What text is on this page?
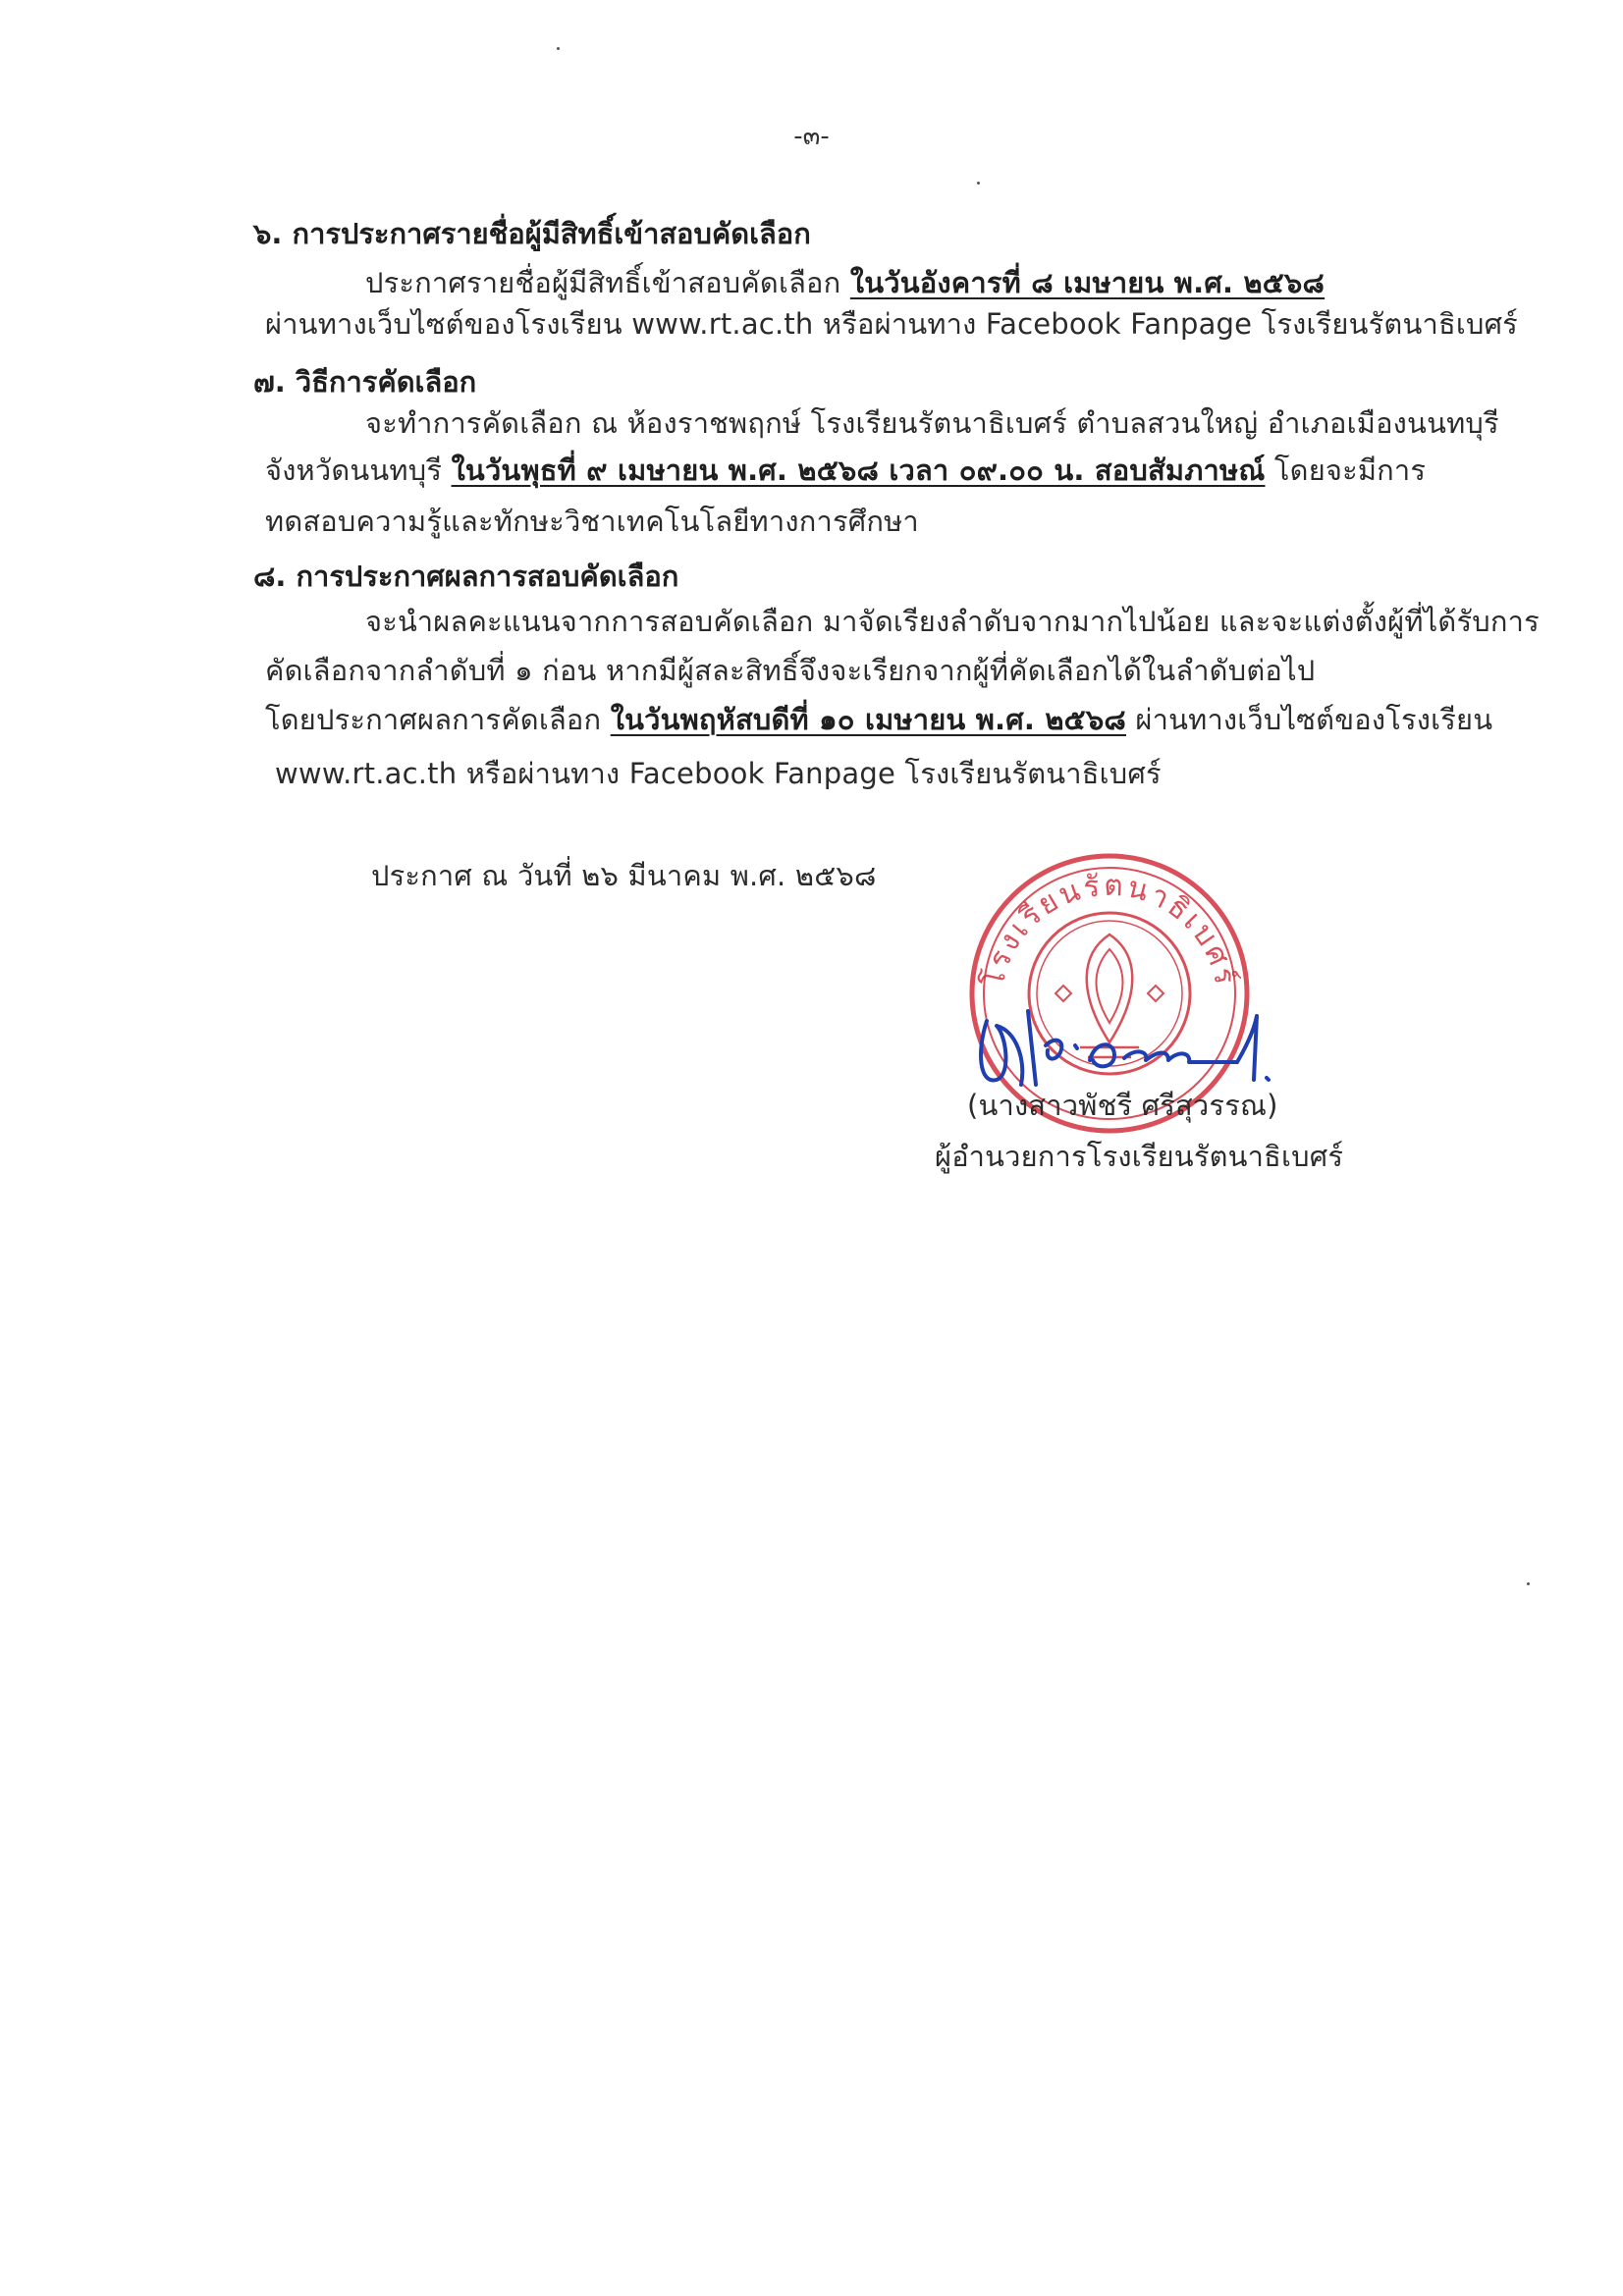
-๓-
๖. การประกาศรายชื่อผู้มีสิทธิ์เข้าสอบคัดเลือก
ประกาศรายชื่อผู้มีสิทธิ์เข้าสอบคัดเลือก ในวันอังคารที่ ๘ เมษายน พ.ศ. ๒๕๖๘
ผ่านทางเว็บไซต์ของโรงเรียน www.rt.ac.th หรือผ่านทาง Facebook Fanpage โรงเรียนรัตนาธิเบศร์
๗. วิธีการคัดเลือก
จะทำการคัดเลือก ณ ห้องราชพฤกษ์ โรงเรียนรัตนาธิเบศร์ ตำบลสวนใหญ่ อำเภอเมืองนนทบุรี
จังหวัดนนทบุรี ในวันพุธที่ ๙ เมษายน พ.ศ. ๒๕๖๘ เวลา ๐๙.๐๐ น. สอบสัมภาษณ์ โดยจะมีการ
ทดสอบความรู้และทักษะวิชาเทคโนโลยีทางการศึกษา
๘. การประกาศผลการสอบคัดเลือก
จะนำผลคะแนนจากการสอบคัดเลือก มาจัดเรียงลำดับจากมากไปน้อย และจะแต่งตั้งผู้ที่ได้รับการ
คัดเลือกจากลำดับที่ ๑ ก่อน หากมีผู้สละสิทธิ์จึงจะเรียกจากผู้ที่คัดเลือกได้ในลำดับต่อไป
โดยประกาศผลการคัดเลือก ในวันพฤหัสบดีที่ ๑๐ เมษายน พ.ศ. ๒๕๖๘ ผ่านทางเว็บไซต์ของโรงเรียน
www.rt.ac.th หรือผ่านทาง Facebook Fanpage โรงเรียนรัตนาธิเบศร์
ประกาศ ณ วันที่ ๒๖ มีนาคม พ.ศ. ๒๕๖๘
โรงเรียนรัตนาธิเบศร์
(นางสาวพัชรี ศรีสุวรรณ)
ผู้อำนวยการโรงเรียนรัตนาธิเบศร์
